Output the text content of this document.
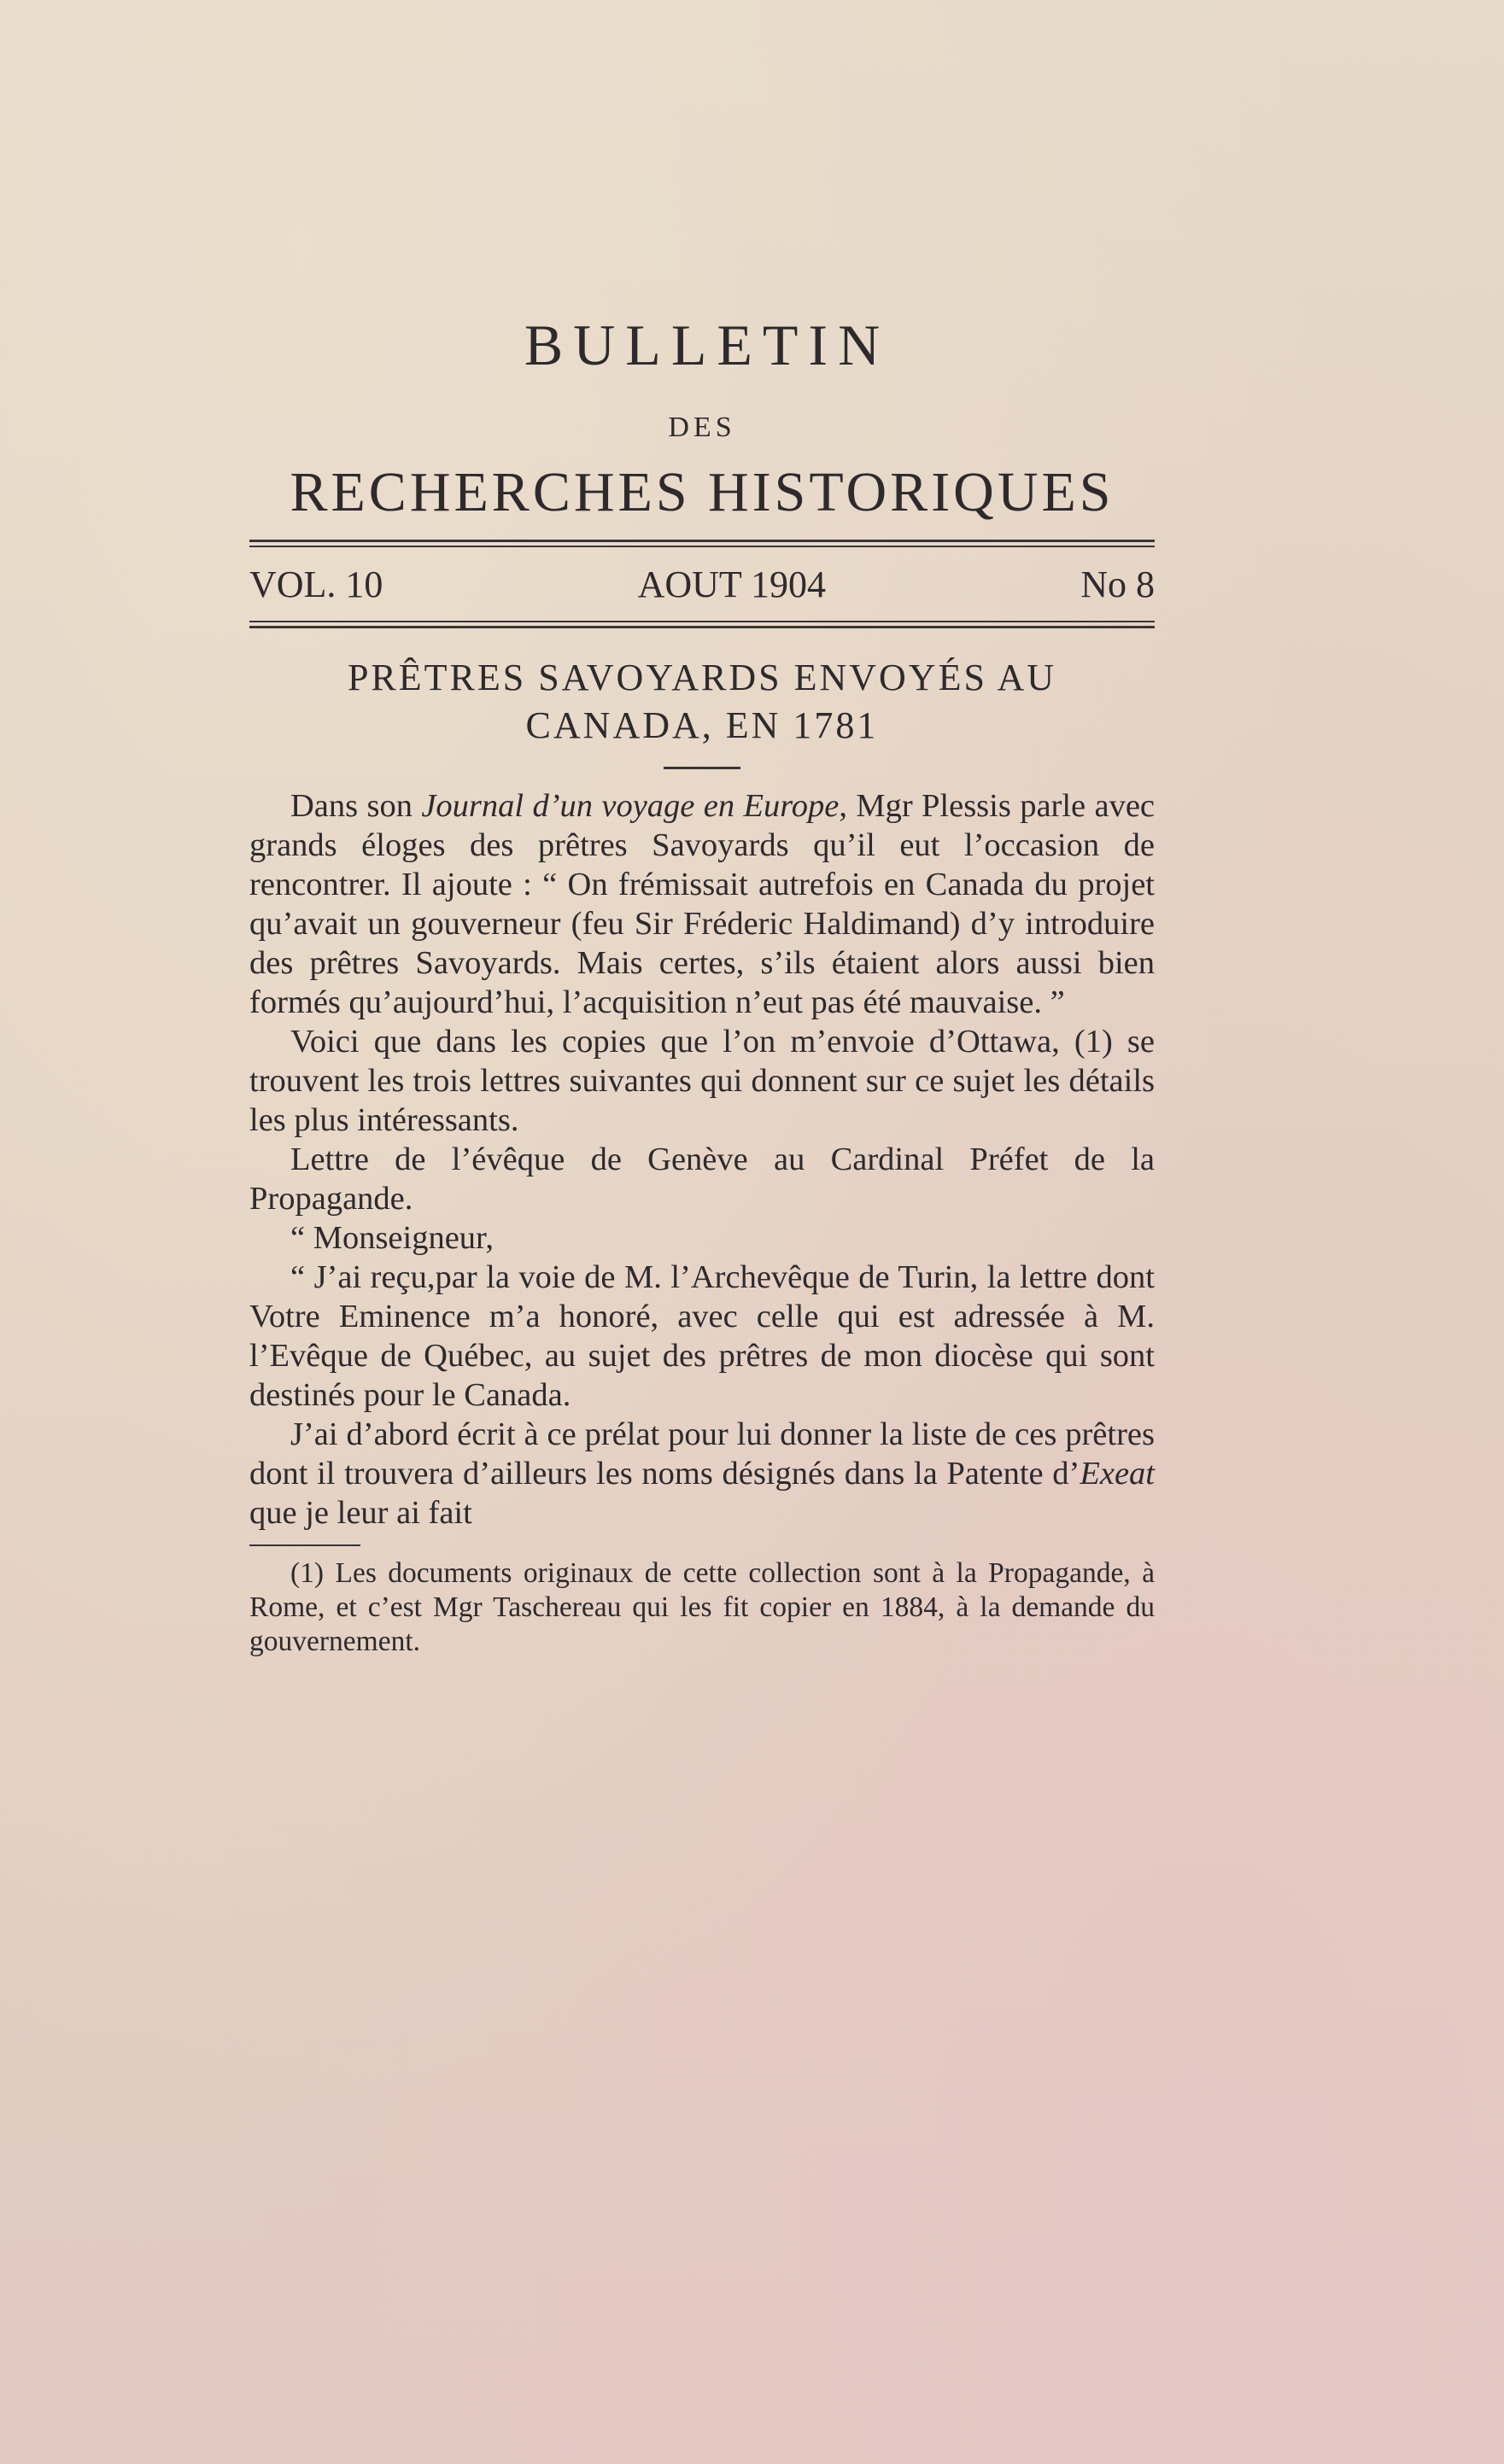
BULLETIN
DES
RECHERCHES HISTORIQUES
VOL. 10	AOUT 1904	No 8
PRÊTRES SAVOYARDS ENVOYÉS AU
CANADA, EN 1781

Dans son Journal d’un voyage en Europe, Mgr Plessis parle avec grands éloges des prêtres Savoyards qu’il eut l’occasion de rencontrer. Il ajoute : “ On frémissait autrefois en Canada du projet qu’avait un gouverneur (feu Sir Fréderic Haldimand) d’y introduire des prêtres Savoyards. Mais certes, s’ils étaient alors aussi bien formés qu’aujourd’hui, l’acquisition n’eut pas été mauvaise. ”

Voici que dans les copies que l’on m’envoie d’Ottawa, (1) se trouvent les trois lettres suivantes qui donnent sur ce sujet les détails les plus intéressants.

Lettre de l’évêque de Genève au Cardinal Préfet de la Propagande.

“ Monseigneur,

“ J’ai reçu,par la voie de M. l’Archevêque de Turin, la lettre dont Votre Eminence m’a honoré, avec celle qui est adressée à M. l’Evêque de Québec, au sujet des prêtres de mon diocèse qui sont destinés pour le Canada.

J’ai d’abord écrit à ce prélat pour lui donner la liste de ces prêtres dont il trouvera d’ailleurs les noms désignés dans la Patente d’Exeat que je leur ai fait

(1) Les documents originaux de cette collection sont à la Propagande, à Rome, et c’est Mgr Taschereau qui les fit copier en 1884, à la demande du gouvernement.
